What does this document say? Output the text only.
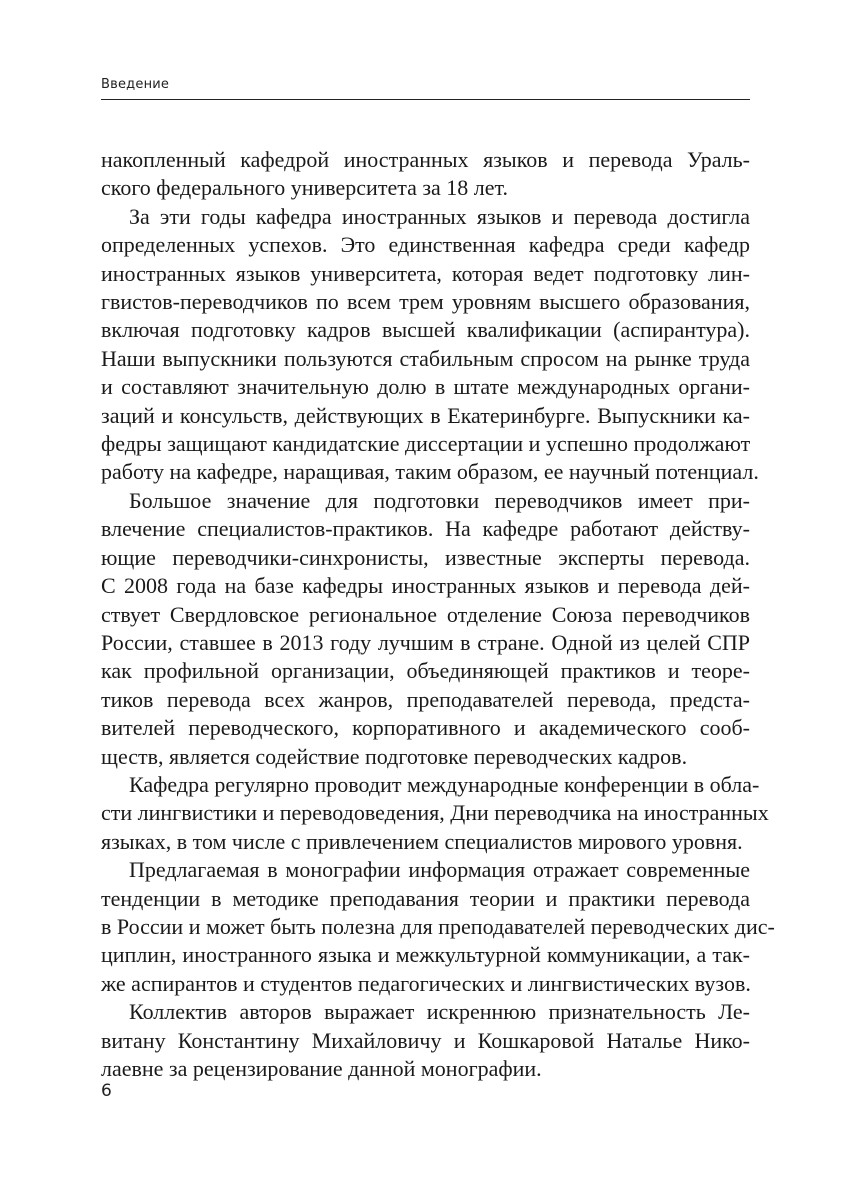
Введение

накопленный кафедрой иностранных языков и перевода Ураль-
ского федерального университета за 18 лет.

За эти годы кафедра иностранных языков и перевода достигла
определенных успехов. Это единственная кафедра среди кафедр
иностранных языков университета, которая ведет подготовку лин-
гвистов-переводчиков по всем трем уровням высшего образования,
включая подготовку кадров высшей квалификации (аспирантура).
Наши выпускники пользуются стабильным спросом на рынке труда
и составляют значительную долю в штате международных органи-
заций и консульств, действующих в Екатеринбурге. Выпускники ка-
федры защищают кандидатские диссертации и успешно продолжают
работу на кафедре, наращивая, таким образом, ее научный потенциал.

Большое значение для подготовки переводчиков имеет при-
влечение специалистов-практиков. На кафедре работают действу-
ющие переводчики-синхронисты, известные эксперты перевода.
С 2008 года на базе кафедры иностранных языков и перевода дей-
ствует Свердловское региональное отделение Союза переводчиков
России, ставшее в 2013 году лучшим в стране. Одной из целей СПР
как профильной организации, объединяющей практиков и теоре-
тиков перевода всех жанров, преподавателей перевода, предста-
вителей переводческого, корпоративного и академического сооб-
ществ, является содействие подготовке переводческих кадров.

Кафедра регулярно проводит международные конференции в обла-
сти лингвистики и переводоведения, Дни переводчика на иностранных
языках, в том числе с привлечением специалистов мирового уровня.

Предлагаемая в монографии информация отражает современные
тенденции в методике преподавания теории и практики перевода
в России и может быть полезна для преподавателей переводческих дис-
циплин, иностранного языка и межкультурной коммуникации, а так-
же аспирантов и студентов педагогических и лингвистических вузов.

Коллектив авторов выражает искреннюю признательность Ле-
витану Константину Михайловичу и Кошкаровой Наталье Нико-
лаевне за рецензирование данной монографии.

6
